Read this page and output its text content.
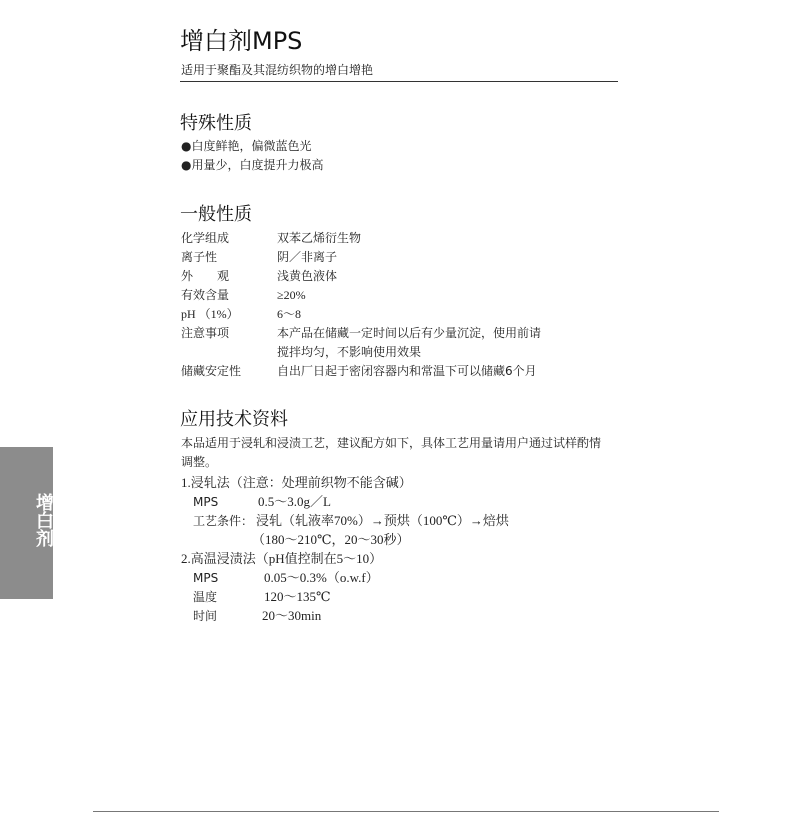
增白剂MPS
适用于聚酯及其混纺织物的增白增艳
特殊性质
●白度鲜艳，偏微蓝色光
●用量少，白度提升力极高
一般性质
化学组成	双苯乙烯衍生物
离子性	阴／非离子
外　　观	浅黄色液体
有效含量	≥20%
pH （1%）	6～8
注意事项	本产品在储藏一定时间以后有少量沉淀，使用前请
搅拌均匀，不影响使用效果
储藏安定性	自出厂日起于密闭容器内和常温下可以储藏6个月
应用技术资料
本品适用于浸轧和浸渍工艺，建议配方如下，具体工艺用量请用户通过试样酌情
调整。
1.浸轧法（注意：处理前织物不能含碱）
MPS	0.5～3.0g／L
工艺条件： 浸轧（轧液率70%）→预烘（100℃）→焙烘
（180～210℃，20～30秒）
2.高温浸渍法（pH值控制在5～10）
MPS	0.05～0.3%（o.w.f）
温度	120～135℃
时间	20～30min
增白剂
